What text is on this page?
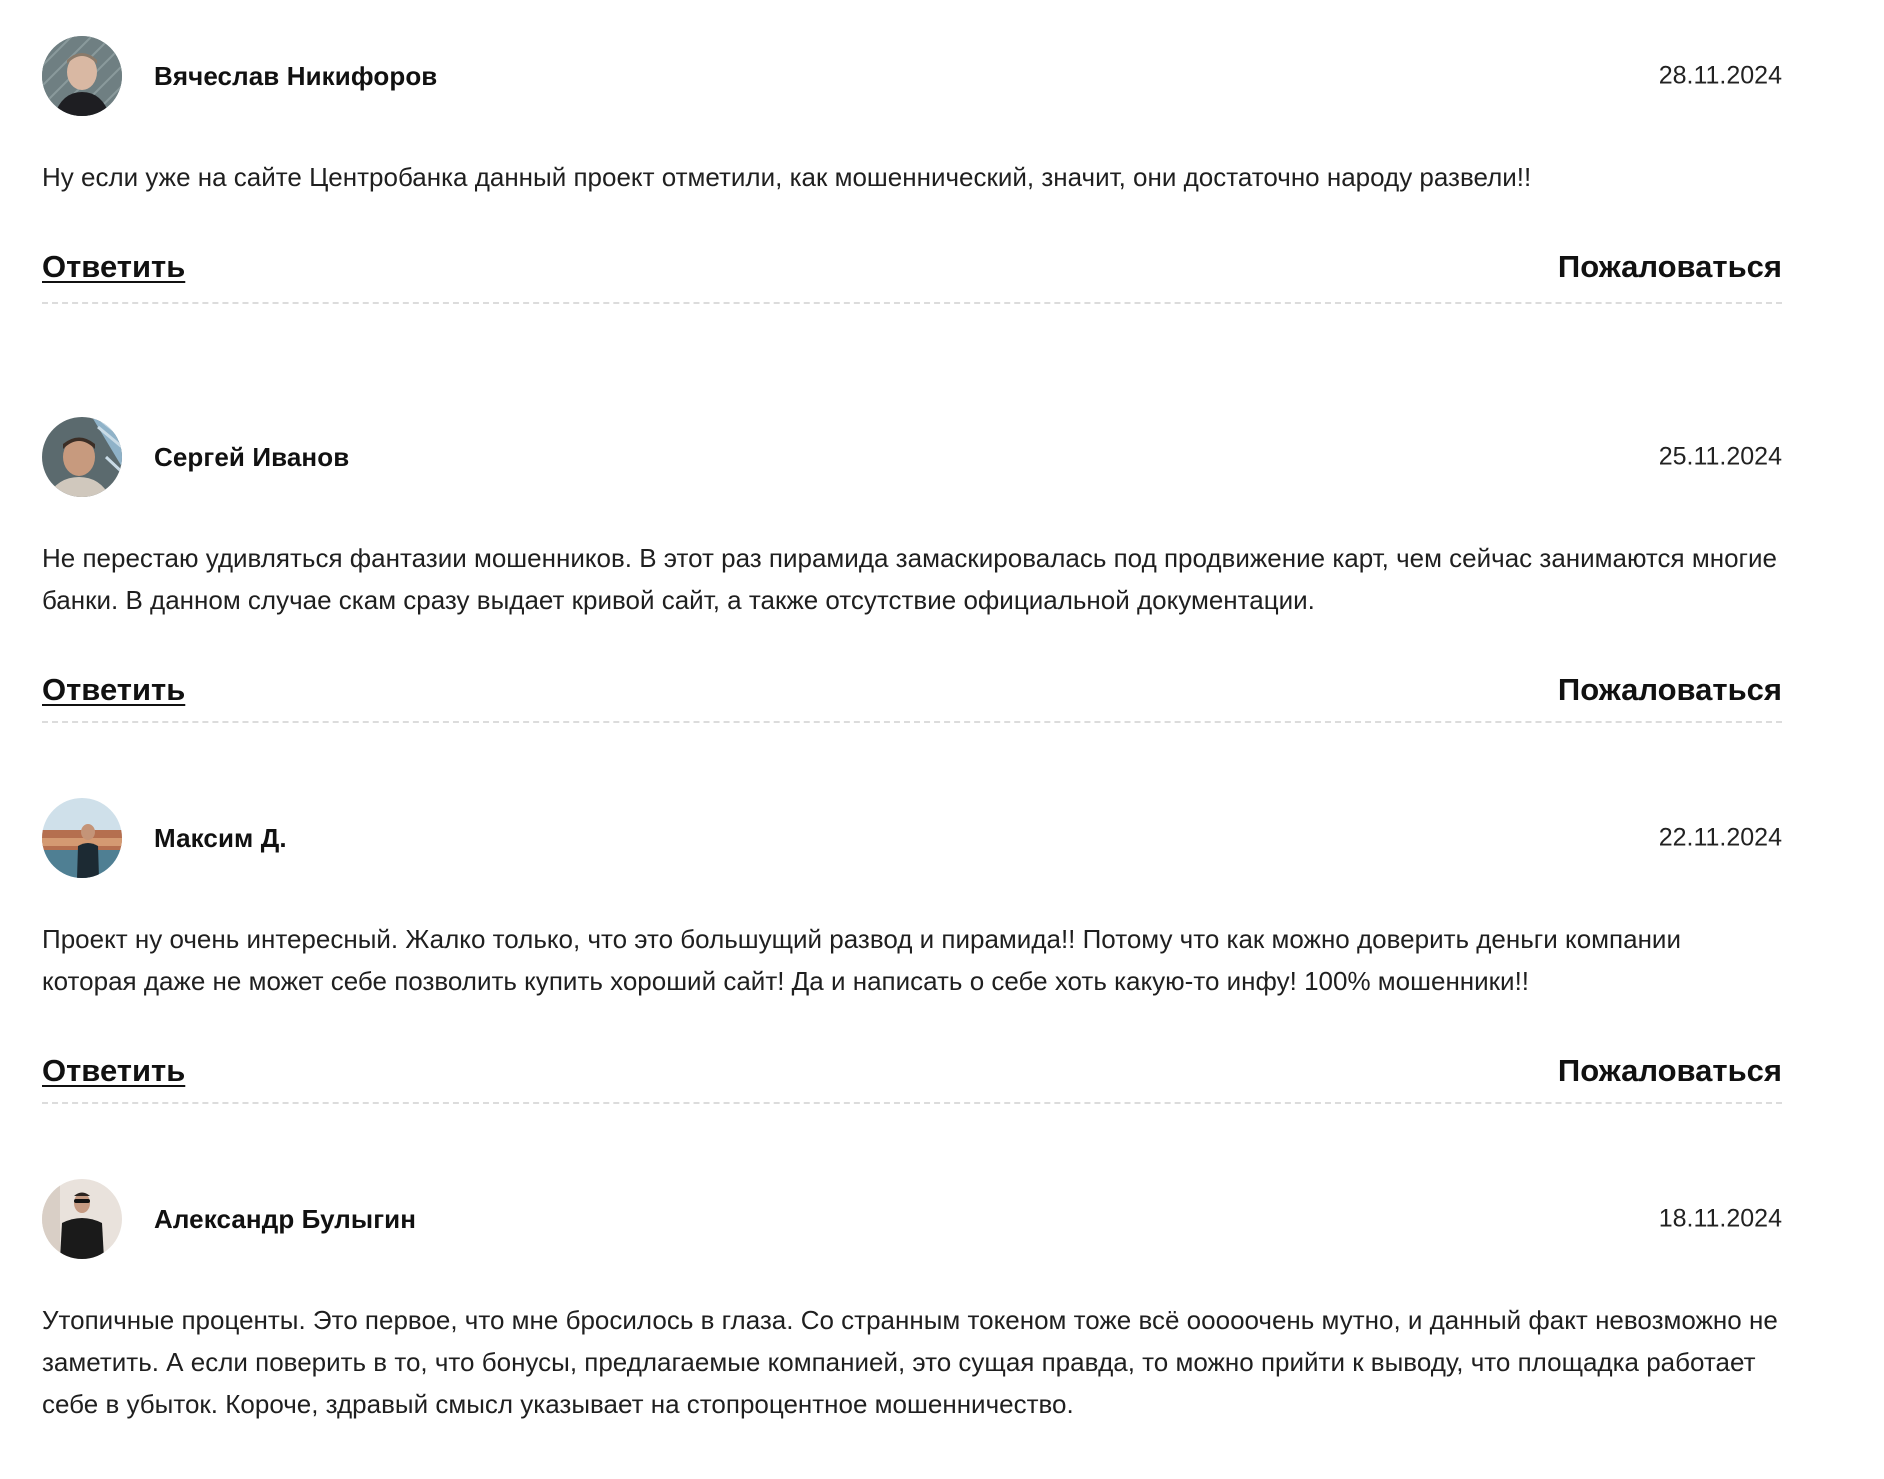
Вячеслав Никифоров	28.11.2024
Ну если уже на сайте Центробанка данный проект отметили, как мошеннический, значит, они достаточно народу развели!!
Ответить	Пожаловаться
Сергей Иванов	25.11.2024
Не перестаю удивляться фантазии мошенников. В этот раз пирамида замаскировалась под продвижение карт, чем сейчас занимаются многие банки. В данном случае скам сразу выдает кривой сайт, а также отсутствие официальной документации.
Ответить	Пожаловаться
Максим Д.	22.11.2024
Проект ну очень интересный. Жалко только, что это большущий развод и пирамида!! Потому что как можно доверить деньги компании которая даже не может себе позволить купить хороший сайт! Да и написать о себе хоть какую-то инфу! 100% мошенники!!
Ответить	Пожаловаться
Александр Булыгин	18.11.2024
Утопичные проценты. Это первое, что мне бросилось в глаза. Со странным токеном тоже всё ооооочень мутно, и данный факт невозможно не заметить. А если поверить в то, что бонусы, предлагаемые компанией, это сущая правда, то можно прийти к выводу, что площадка работает себе в убыток. Короче, здравый смысл указывает на стопроцентное мошенничество.
